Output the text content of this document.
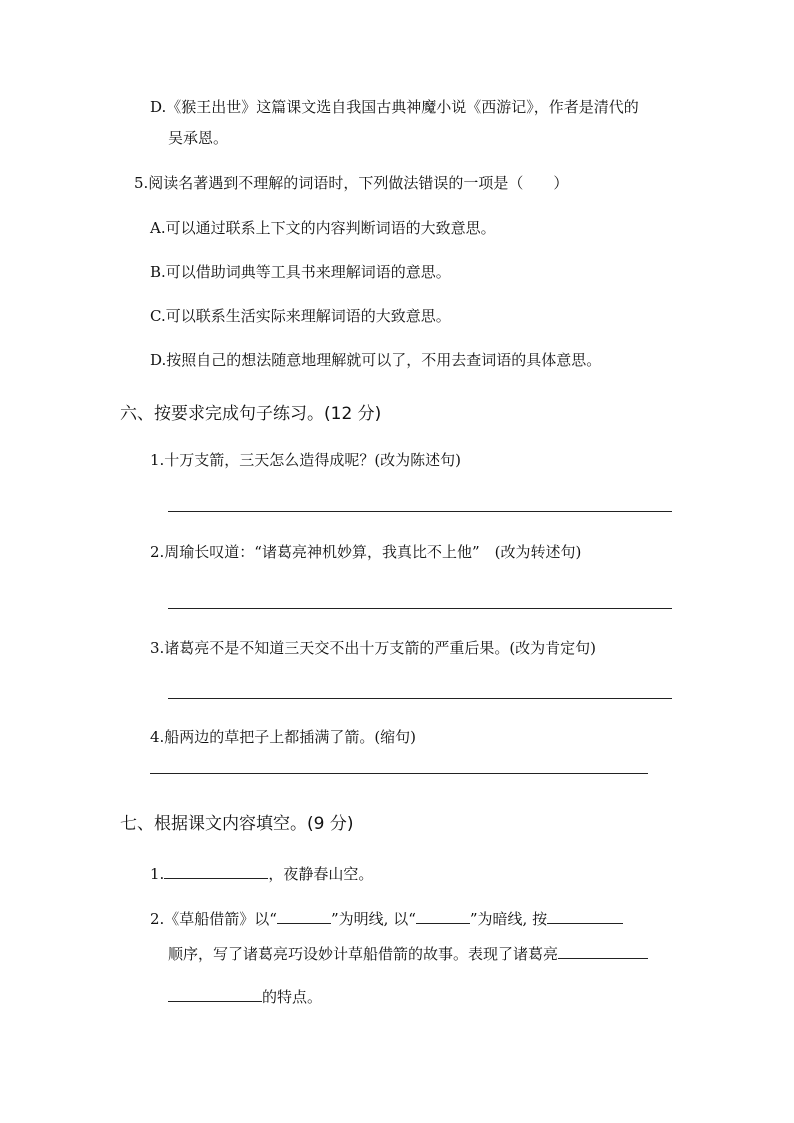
D.《猴王出世》这篇课文选自我国古典神魔小说《西游记》，作者是清代的
吴承恩。
5.阅读名著遇到不理解的词语时，下列做法错误的一项是（　　）
A.可以通过联系上下文的内容判断词语的大致意思。
B.可以借助词典等工具书来理解词语的意思。
C.可以联系生活实际来理解词语的大致意思。
D.按照自己的想法随意地理解就可以了，不用去查词语的具体意思。
六、按要求完成句子练习。(12 分)
1.十万支箭，三天怎么造得成呢？(改为陈述句)
2.周瑜长叹道：“诸葛亮神机妙算，我真比不上他”　(改为转述句)
3.诸葛亮不是不知道三天交不出十万支箭的严重后果。(改为肯定句)
4.船两边的草把子上都插满了箭。(缩句)
七、根据课文内容填空。(9 分)
1.	，夜静春山空。
2.《草船借箭》以“	”为明线, 以“	”为暗线, 按
顺序，写了诸葛亮巧设妙计草船借箭的故事。表现了诸葛亮
的特点。
